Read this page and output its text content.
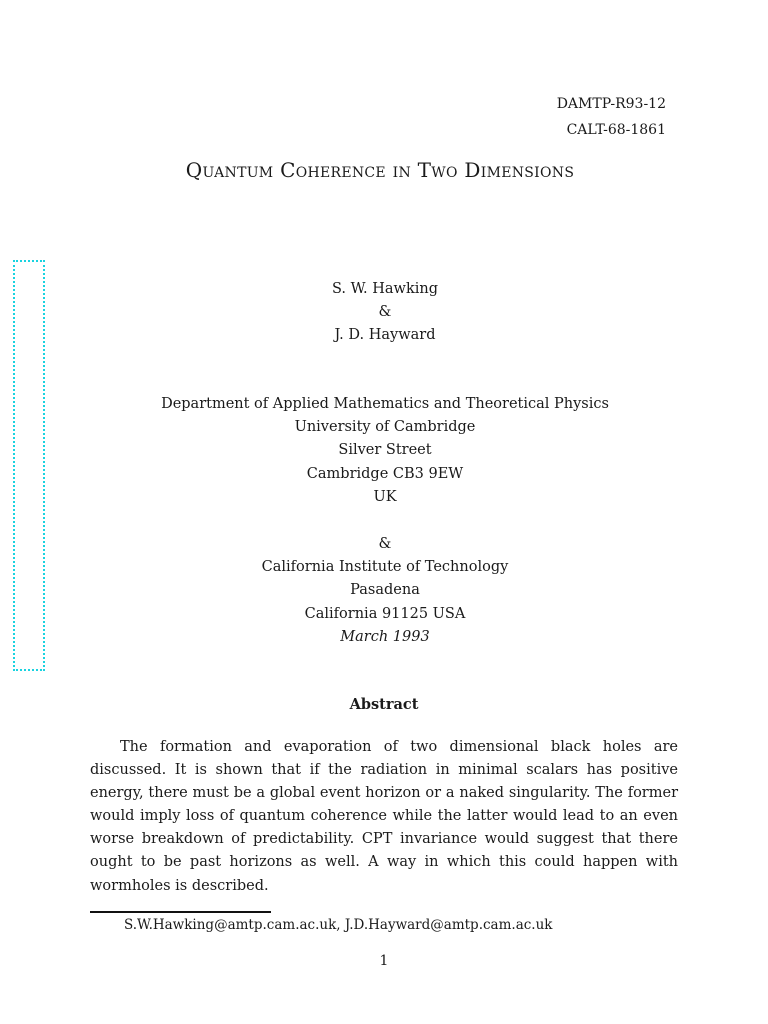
DAMTP-R93-12
CALT-68-1861
Quantum Coherence in Two Dimensions
S. W. Hawking
&
J. D. Hayward
Department of Applied Mathematics and Theoretical Physics
University of Cambridge
Silver Street
Cambridge CB3 9EW
UK
&
California Institute of Technology
Pasadena
California 91125 USA
March 1993
Abstract
The formation and evaporation of two dimensional black holes are discussed. It is shown that if the radiation in minimal scalars has positive energy, there must be a global event horizon or a naked singularity. The former would imply loss of quantum coherence while the latter would lead to an even worse breakdown of predictability. CPT invariance would suggest that there ought to be past horizons as well. A way in which this could happen with wormholes is described.
S.W.Hawking@amtp.cam.ac.uk, J.D.Hayward@amtp.cam.ac.uk
1
